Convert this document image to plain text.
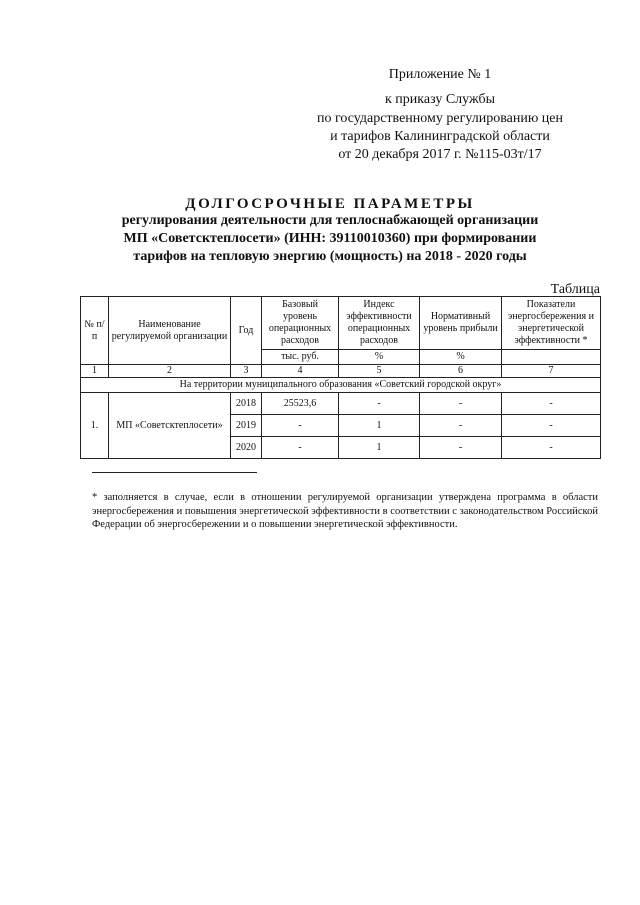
Приложение № 1
к приказу Службы
по государственному регулированию цен
и тарифов Калининградской области
от 20 декабря 2017 г. №115-03т/17
ДОЛГОСРОЧНЫЕ ПАРАМЕТРЫ
регулирования деятельности для теплоснабжающей организации
МП «Советсктеплосети» (ИНН: 39110010360) при формировании
тарифов на тепловую энергию (мощность) на 2018 - 2020 годы
Таблица
№ п/п	Наименование регулируемой организации	Год	Базовый уровень операционных расходов	Индекс эффективности операционных расходов	Нормативный уровень прибыли	Показатели энергосбережения и энергетической эффективности *
			тыс. руб.	%	%	
1	2	3	4	5	6	7
На территории муниципального образования «Советский городской округ»						
1.	МП «Советсктеплосети»	2018	25523,6	-	-	-
		2019	-	1	-	-
		2020	-	1	-	-
* заполняется в случае, если в отношении регулируемой организации утверждена программа в области энергосбережения и повышения энергетической эффективности в соответствии с законодательством Российской Федерации об энергосбережении и о повышении энергетической эффективности.
